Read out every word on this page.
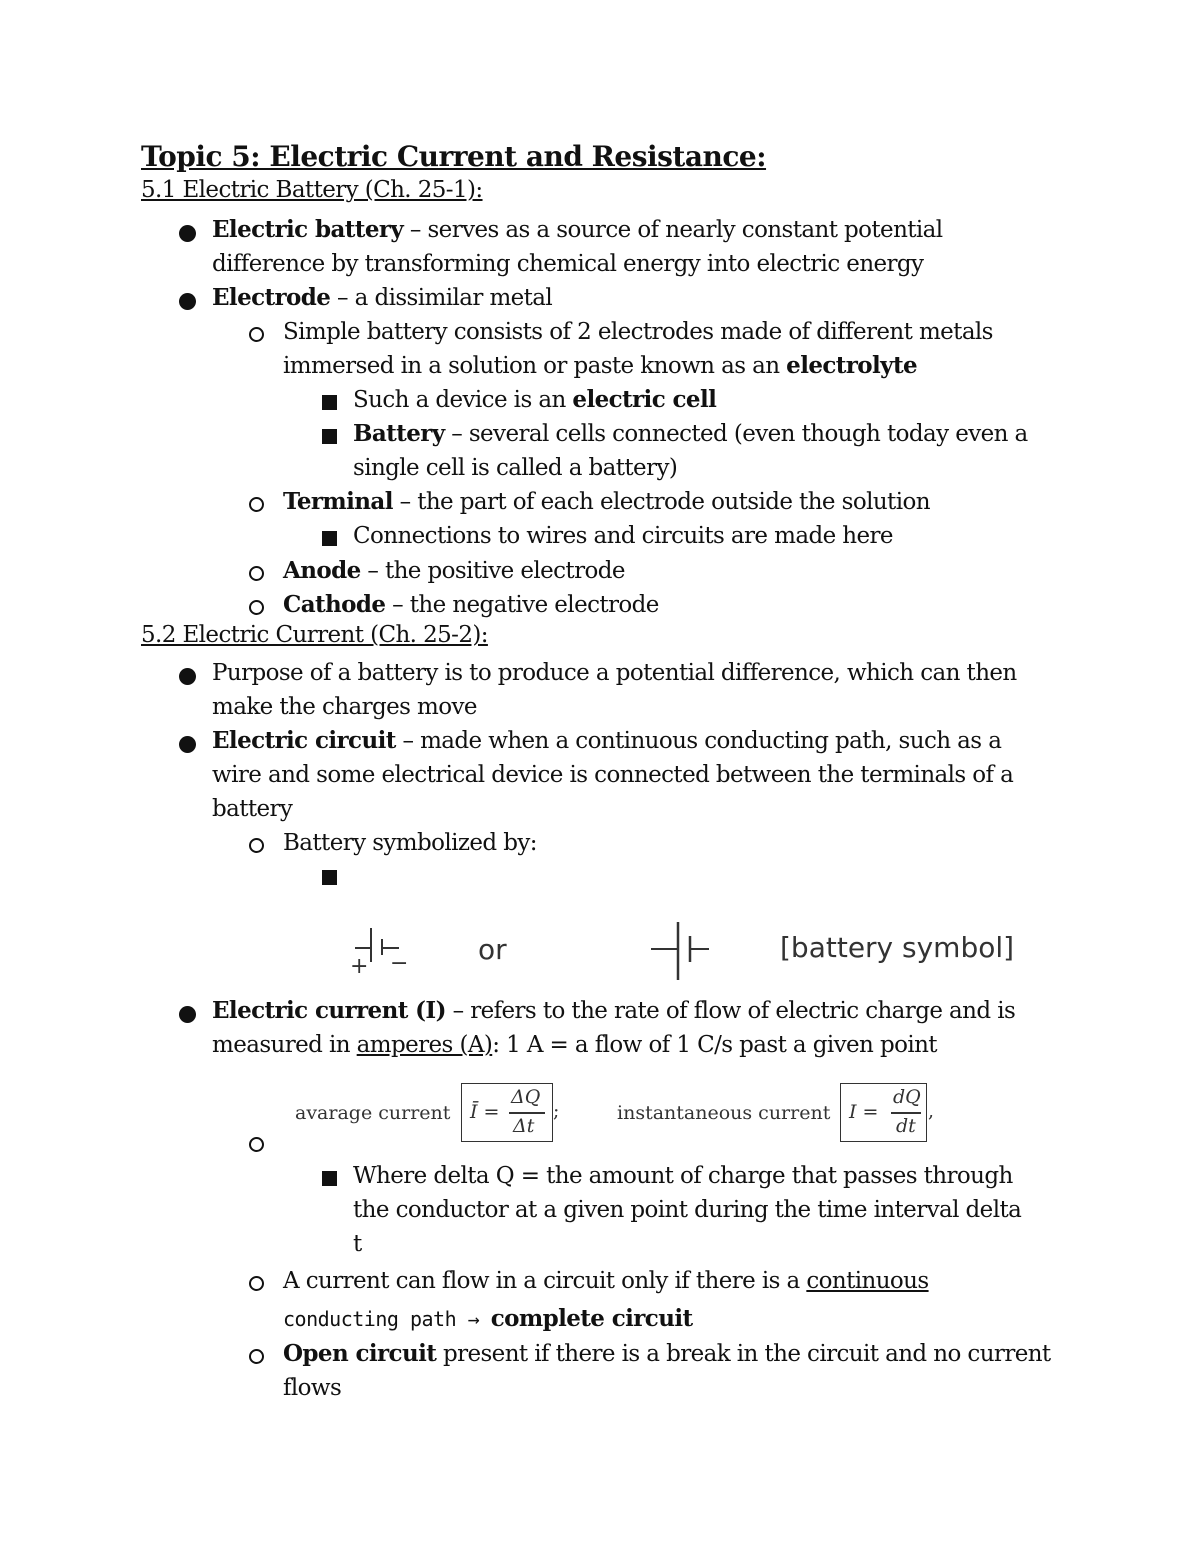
Topic 5: Electric Current and Resistance:
5.1 Electric Battery (Ch. 25-1):
Electric battery – serves as a source of nearly constant potential
difference by transforming chemical energy into electric energy
Electrode – a dissimilar metal
Simple battery consists of 2 electrodes made of different metals
immersed in a solution or paste known as an electrolyte
Such a device is an electric cell
Battery – several cells connected (even though today even a
single cell is called a battery)
Terminal – the part of each electrode outside the solution
Connections to wires and circuits are made here
Anode – the positive electrode
Cathode – the negative electrode
5.2 Electric Current (Ch. 25-2):
Purpose of a battery is to produce a potential difference, which can then
make the charges move
Electric circuit – made when a continuous conducting path, such as a
wire and some electrical device is connected between the terminals of a
battery
Battery symbolized by:
+ − or	[battery symbol]
Electric current (I) – refers to the rate of flow of electric charge and is
measured in amperes (A): 1 A = a flow of 1 C/s past a given point
avarage current Ī =
ΔQ
Δt
;	instantaneous current I =
dQ
dt
,
Where delta Q = the amount of charge that passes through
the conductor at a given point during the time interval delta
t
A current can flow in a circuit only if there is a continuous
conducting path → complete circuit
Open circuit present if there is a break in the circuit and no current
flows
